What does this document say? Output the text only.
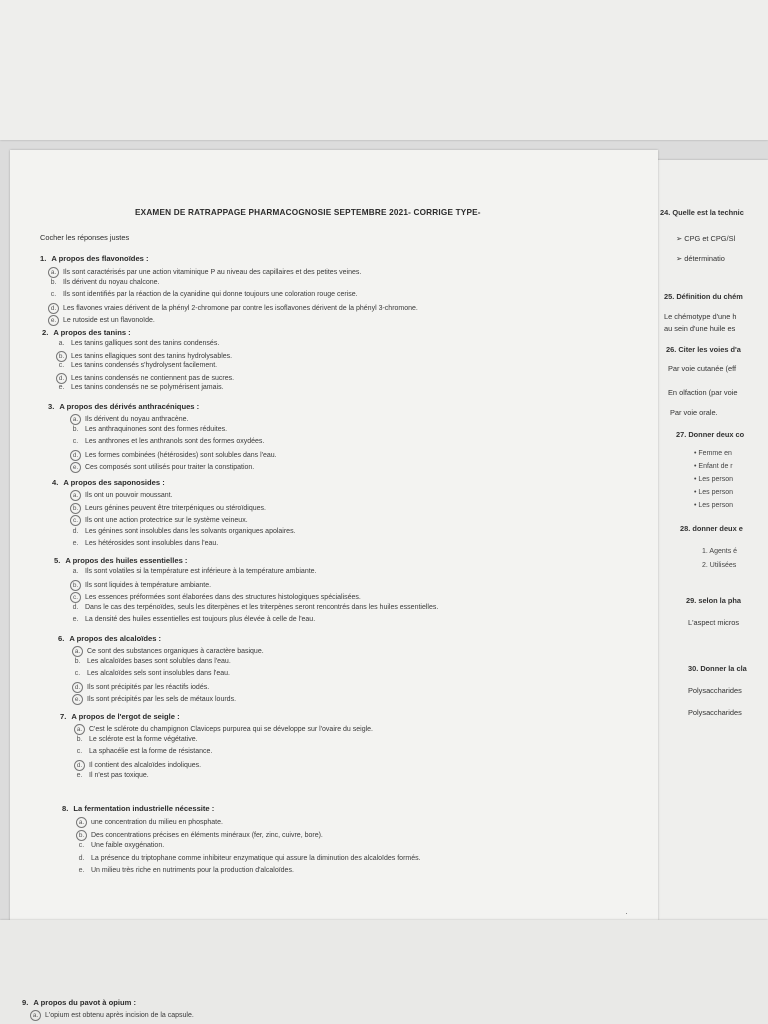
EXAMEN DE RATRAPPAGE PHARMACOGNOSIE SEPTEMBRE 2021- CORRIGE TYPE-
Cocher les réponses justes
1. A propos des flavonoïdes :
a. Ils sont caractérisés par une action vitaminique P au niveau des capillaires et des petites veines.
b. Ils dérivent du noyau chalcone.
c. Ils sont identifiés par la réaction de la cyanidine qui donne toujours une coloration rouge cerise.
d. Les flavones vraies dérivent de la phényl 2-chromone par contre les isoflavones dérivent de la phényl 3-chromone.
e. Le rutoside est un flavonoïde.
2. A propos des tanins :
a. Les tanins galliques sont des tanins condensés.
b. Les tanins ellagiques sont des tanins hydrolysables.
c. Les tanins condensés s'hydrolysent facilement.
d. Les tanins condensés ne contiennent pas de sucres.
e. Les tanins condensés ne se polymérisent jamais.
3. A propos des dérivés anthracéniques :
a. Ils dérivent du noyau anthracène.
b. Les anthraquinones sont des formes réduites.
c. Les anthrones et les anthranols sont des formes oxydées.
d. Les formes combinées (hétérosides) sont solubles dans l'eau.
e. Ces composés sont utilisés pour traiter la constipation.
4. A propos des saponosides :
a. Ils ont un pouvoir moussant.
b. Leurs génines peuvent être triterpéniques ou stéroïdiques.
c. Ils ont une action protectrice sur le système veineux.
d. Les génines sont insolubles dans les solvants organiques apolaires.
e. Les hétérosides sont insolubles dans l'eau.
5. A propos des huiles essentielles :
a. Ils sont volatiles si la température est inférieure à la température ambiante.
b. Ils sont liquides à température ambiante.
c. Les essences préformées sont élaborées dans des structures histologiques spécialisées.
d. Dans le cas des terpénoïdes, seuls les diterpènes et les triterpènes seront rencontrés dans les huiles essentielles.
e. La densité des huiles essentielles est toujours plus élevée à celle de l'eau.
6. A propos des alcaloïdes :
a. Ce sont des substances organiques à caractère basique.
b. Les alcaloïdes bases sont solubles dans l'eau.
c. Les alcaloïdes sels sont insolubles dans l'eau.
d. Ils sont précipités par les réactifs iodés.
e. Ils sont précipités par les sels de métaux lourds.
7. A propos de l'ergot de seigle :
a. C'est le sclérote du champignon Claviceps purpurea qui se développe sur l'ovaire du seigle.
b. Le sclérote est la forme végétative.
c. La sphacélie est la forme de résistance.
d. Il contient des alcaloïdes indoliques.
e. Il n'est pas toxique.
8. La fermentation industrielle nécessite :
a. une concentration du milieu en phosphate.
b. Des concentrations précises en éléments minéraux (fer, zinc, cuivre, bore).
c. Une faible oxygénation.
d. La présence du triptophane comme inhibiteur enzymatique qui assure la diminution des alcaloïdes formés.
e. Un milieu très riche en nutriments pour la production d'alcaloïdes.
·
9. A propos du pavot à opium :
a. L'opium est obtenu après incision de la capsule.
24. Quelle est la technic
➢ CPG et CPG/Sl
➢ déterminatio
25. Définition du chém
Le chémotype d'une h
au sein d'une huile es
26. Citer les voies d'a
Par voie cutanée (eff
En olfaction (par voie
Par voie orale.
27. Donner deux co
• Femme en
• Enfant de r
• Les person
• Les person
• Les person
28. donner deux e
1. Agents é
2. Utilisées
29. selon la pha
L'aspect micros
30. Donner la cla
Polysaccharides
Polysaccharides
